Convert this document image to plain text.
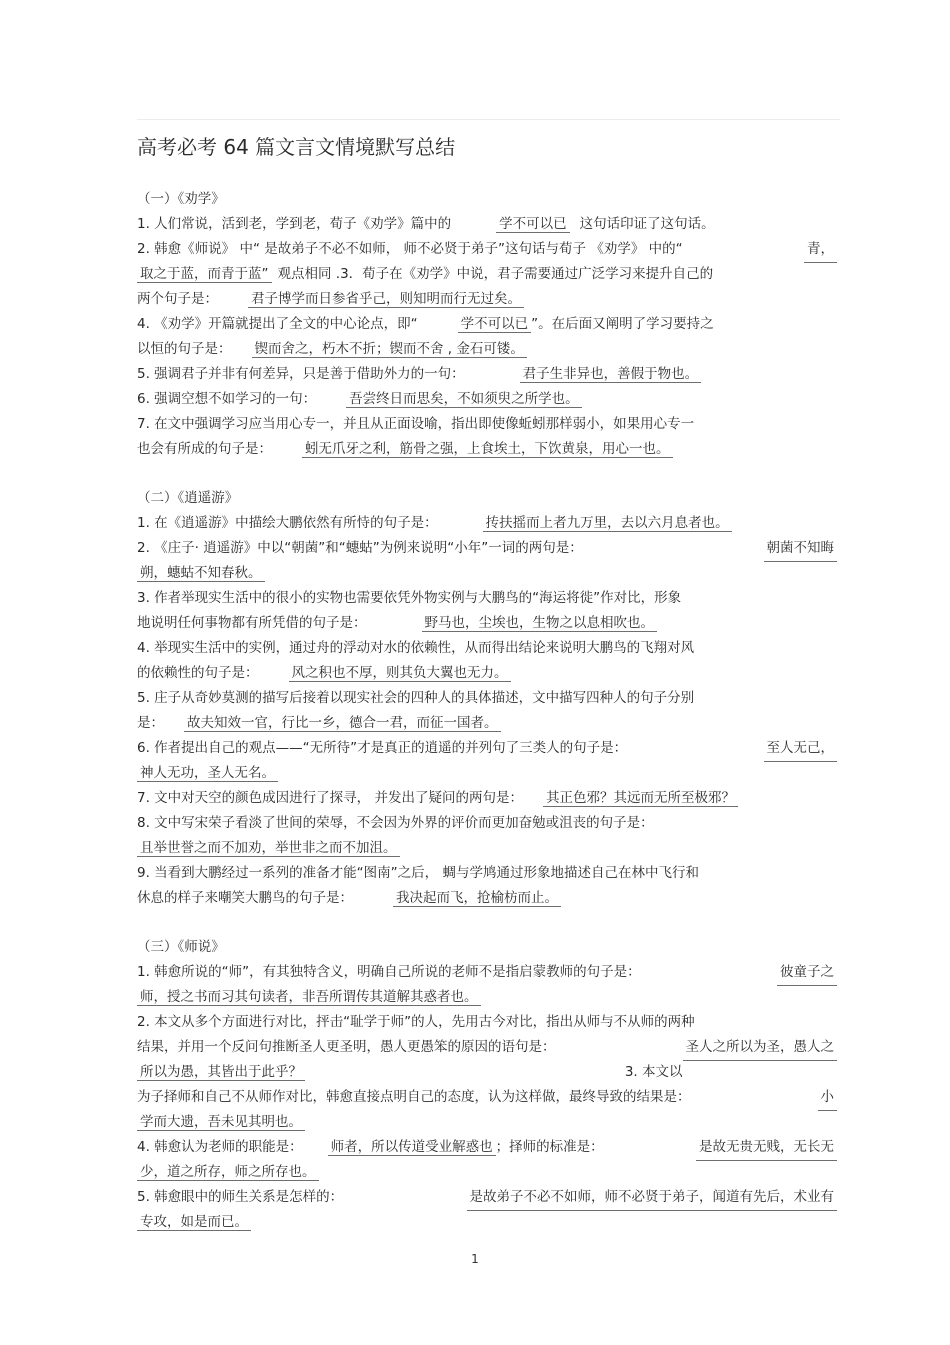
高考必考 64 篇文言文情境默写总结
（一）《劝学》
1. 人们常说，活到老，学到老，荀子《劝学》篇中的	学不可以已 这句话印证了这句话。
2. 韩愈《师说》 中“ 是故弟子不必不如师， 师不必贤于弟子”这句话与荀子 《劝学》 中的“	青，
取之于蓝，而青于蓝” 观点相同 .3．荀子在《劝学》中说，君子需要通过广泛学习来提升自己的
两个句子是： 君子博学而日参省乎己，则知明而行无过矣。
4. 《劝学》开篇就提出了全文的中心论点，即“	学不可以已 ”。在后面又阐明了学习要持之
以恒的句子是： 锲而舍之，朽木不折；锲而不舍 , 金石可镂。
5. 强调君子并非有何差异，只是善于借助外力的一句：	君子生非异也，善假于物也。
6. 强调空想不如学习的一句： 吾尝终日而思矣，不如须臾之所学也。
7. 在文中强调学习应当用心专一，并且从正面设喻，指出即使像蚯蚓那样弱小，如果用心专一
也会有所成的句子是： 蚓无爪牙之利，筋骨之强，上食埃土，下饮黄泉，用心一也。
（二）《逍遥游》
1. 在《逍遥游》中描绘大鹏依然有所恃的句子是：	抟扶摇而上者九万里，去以六月息者也。
2. 《庄子· 逍遥游》中以“朝菌”和“蟪蛄”为例来说明“小年”一词的两句是：	朝菌不知晦
朔，蟪蛄不知春秋。
3. 作者举现实生活中的很小的实物也需要依凭外物实例与大鹏鸟的“海运将徙”作对比，形象
地说明任何事物都有所凭借的句子是：	野马也，尘埃也，生物之以息相吹也。
4. 举现实生活中的实例，通过舟的浮动对水的依赖性，从而得出结论来说明大鹏鸟的飞翔对风
的依赖性的句子是： 风之积也不厚，则其负大翼也无力。
5. 庄子从奇妙莫测的描写后接着以现实社会的四种人的具体描述，文中描写四种人的句子分别
是： 故夫知效一官，行比一乡，德合一君，而征一国者。
6. 作者提出自己的观点——“无所待”才是真正的逍遥的并列句了三类人的句子是：	至人无己，
神人无功，圣人无名。
7. 文中对天空的颜色成因进行了探寻， 并发出了疑问的两句是： 其正色邪？其远而无所至极邪？
8. 文中写宋荣子看淡了世间的荣辱，不会因为外界的评价而更加奋勉或沮丧的句子是：
且举世誉之而不加劝，举世非之而不加沮。
9. 当看到大鹏经过一系列的准备才能“图南”之后， 蜩与学鸠通过形象地描述自己在林中飞行和
休息的样子来嘲笑大鹏鸟的句子是：	我决起而飞，抢榆枋而止。
（三）《师说》
1. 韩愈所说的“师”，有其独特含义，明确自己所说的老师不是指启蒙教师的句子是：	彼童子之
师，授之书而习其句读者，非吾所谓传其道解其惑者也。
2. 本文从多个方面进行对比，抨击“耻学于师”的人，先用古今对比，指出从师与不从师的两种
结果，并用一个反问句推断圣人更圣明，愚人更愚笨的原因的语句是：	圣人之所以为圣，愚人之
所以为愚，其皆出于此乎？	3. 本文以
为子择师和自己不从师作对比，韩愈直接点明自己的态度，认为这样做，最终导致的结果是：	小
学而大遗，吾未见其明也。
4. 韩愈认为老师的职能是： 师者，所以传道受业解惑也 ；择师的标准是：	是故无贵无贱，无长无
少，道之所存，师之所存也。
5. 韩愈眼中的师生关系是怎样的：	是故弟子不必不如师，师不必贤于弟子，闻道有先后，术业有
专攻，如是而已。
1
